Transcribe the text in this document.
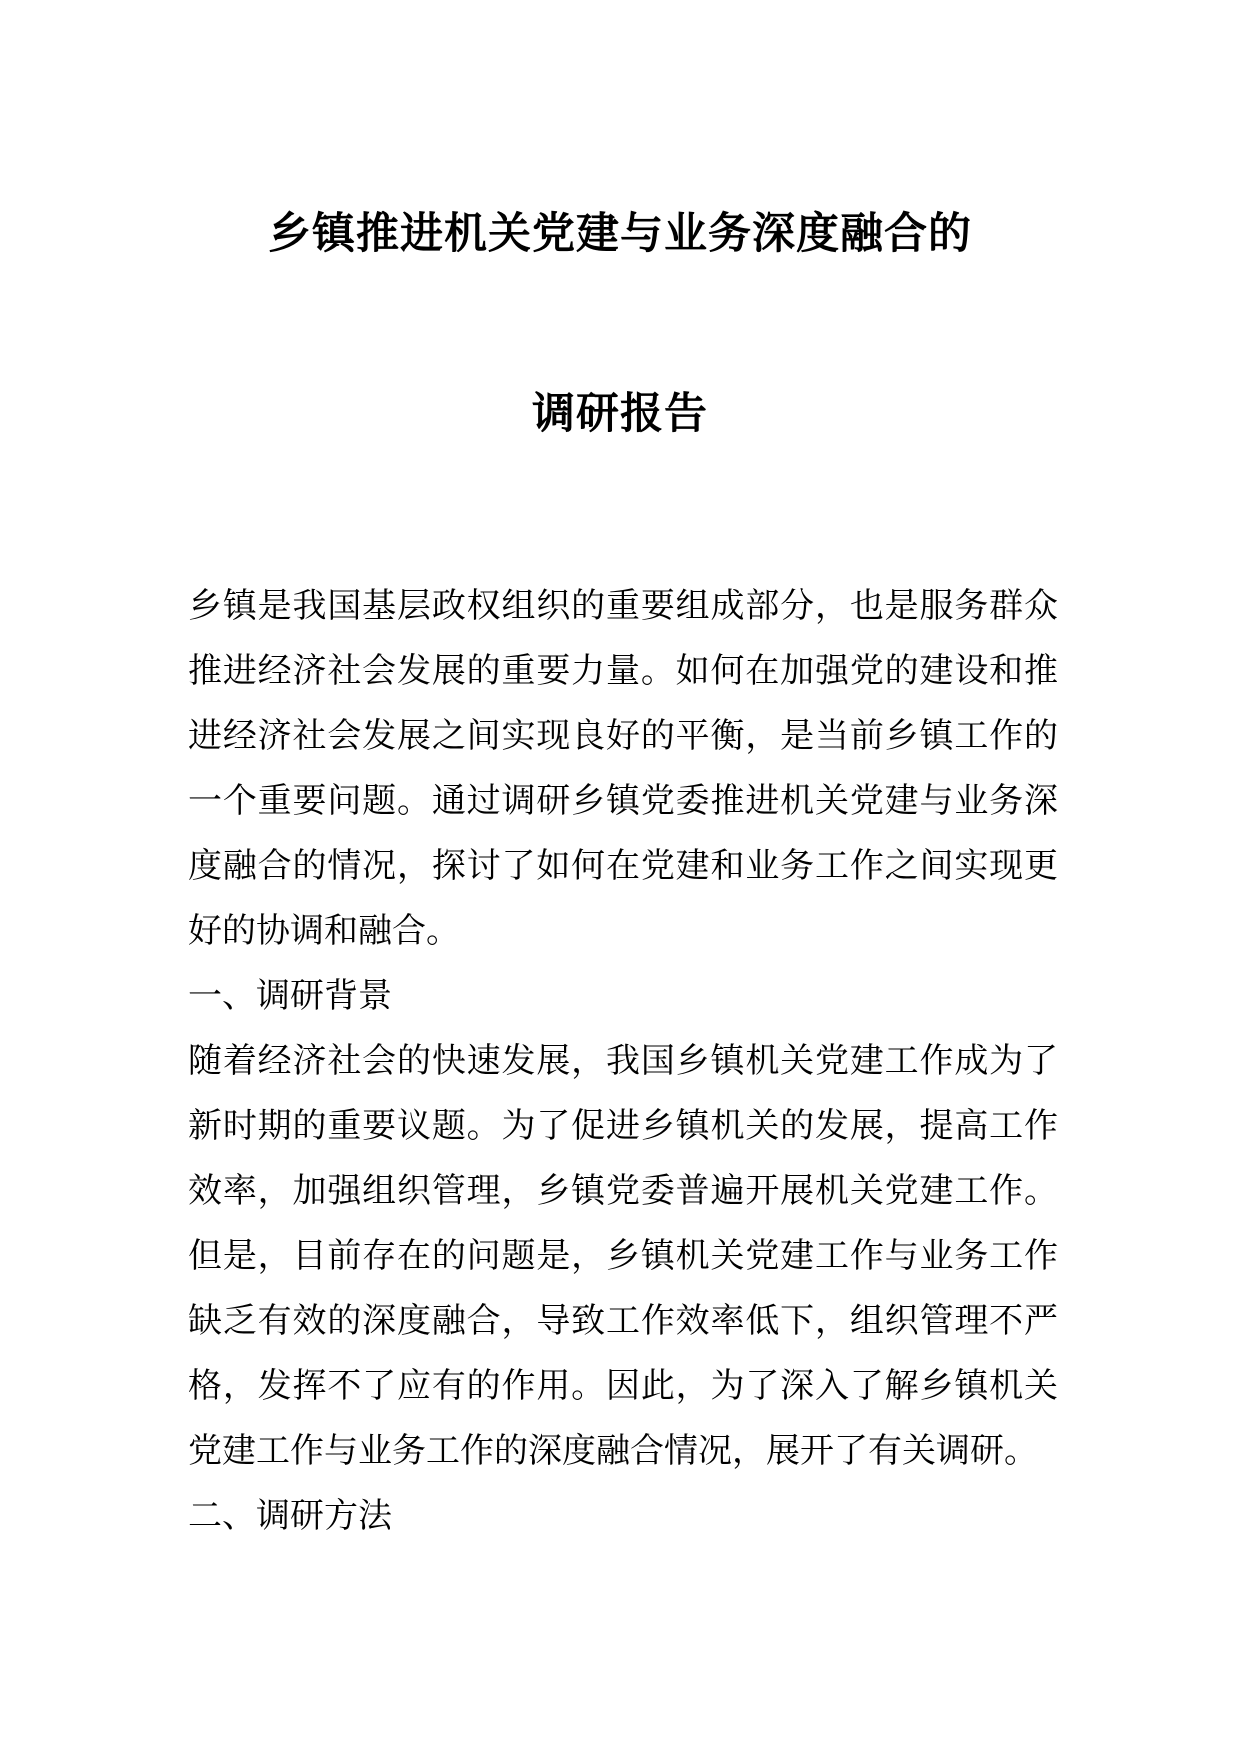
乡镇推进机关党建与业务深度融合的
调研报告

乡镇是我国基层政权组织的重要组成部分，也是服务群众推进经济社会发展的重要力量。如何在加强党的建设和推进经济社会发展之间实现良好的平衡，是当前乡镇工作的一个重要问题。通过调研乡镇党委推进机关党建与业务深度融合的情况，探讨了如何在党建和业务工作之间实现更好的协调和融合。

一、调研背景

随着经济社会的快速发展，我国乡镇机关党建工作成为了新时期的重要议题。为了促进乡镇机关的发展，提高工作效率，加强组织管理，乡镇党委普遍开展机关党建工作。但是，目前存在的问题是，乡镇机关党建工作与业务工作缺乏有效的深度融合，导致工作效率低下，组织管理不严格，发挥不了应有的作用。因此，为了深入了解乡镇机关党建工作与业务工作的深度融合情况，展开了有关调研。

二、调研方法
